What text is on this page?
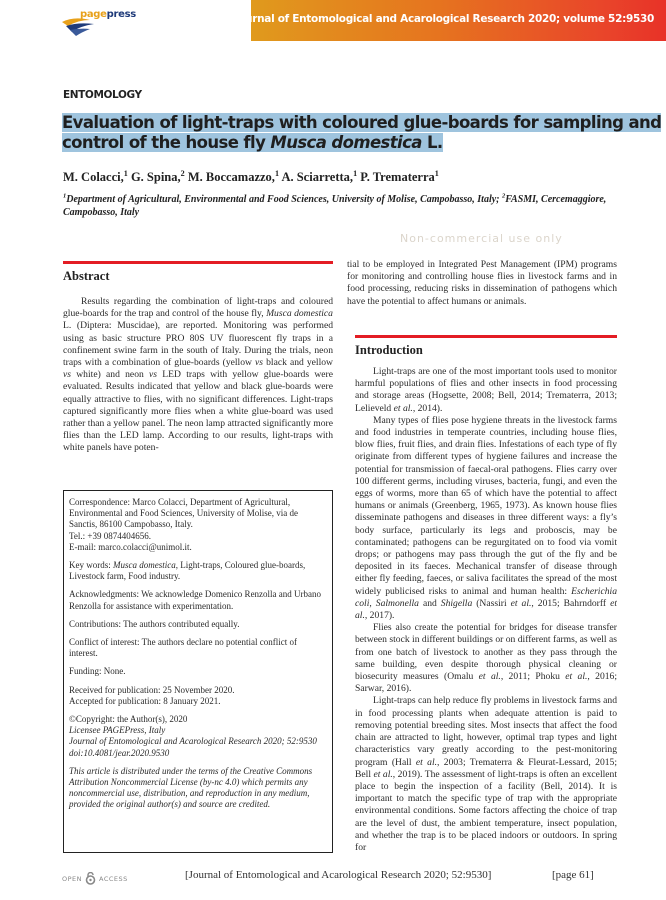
pagepress	Journal of Entomological and Acarological Research 2020; volume 52:9530
ENTOMOLOGY
Evaluation of light-traps with coloured glue-boards for sampling and
control of the house fly Musca domestica L.
M. Colacci,$^1$ G. Spina,$^2$ M. Boccamazzo,$^1$ A. Sciarretta,$^1$ P. Trematerra$^1$
$^1$Department of Agricultural, Environmental and Food Sciences, University of Molise, Campobasso, Italy; $^2$FASMI, Cercemaggiore, Campobasso, Italy
Non-commercial use only
Abstract

Results regarding the combination of light-traps and coloured glue-boards for the trap and control of the house fly, Musca domestica L. (Diptera: Muscidae), are reported. Monitoring was performed using as basic structure PRO 80S UV fluorescent fly traps in a confinement swine farm in the south of Italy. During the trials, neon traps with a combination of glue-boards (yellow vs black and yellow vs white) and neon vs LED traps with yellow glue-boards were evaluated. Results indicated that yellow and black glue-boards were equally attractive to flies, with no significant differences. Light-traps captured significantly more flies when a white glue-board was used rather than a yellow panel. The neon lamp attracted significantly more flies than the LED lamp. According to our results, light-traps with white panels have poten-

Correspondence: Marco Colacci, Department of Agricultural, Environmental and Food Sciences, University of Molise, via de Sanctis, 86100 Campobasso, Italy.
Tel.: +39 0874404656.
E-mail: marco.colacci@unimol.it.

Key words: Musca domestica, Light-traps, Coloured glue-boards, Livestock farm, Food industry.

Acknowledgments: We acknowledge Domenico Renzolla and Urbano Renzolla for assistance with experimentation.

Contributions: The authors contributed equally.

Conflict of interest: The authors declare no potential conflict of interest.

Funding: None.

Received for publication: 25 November 2020.
Accepted for publication: 8 January 2021.

©Copyright: the Author(s), 2020
Licensee PAGEPress, Italy
Journal of Entomological and Acarological Research 2020; 52:9530
doi:10.4081/jear.2020.9530

This article is distributed under the terms of the Creative Commons Attribution Noncommercial License (by-nc 4.0) which permits any noncommercial use, distribution, and reproduction in any medium, provided the original author(s) and source are credited.

tial to be employed in Integrated Pest Management (IPM) programs for monitoring and controlling house flies in livestock farms and in food processing, reducing risks in dissemination of pathogens which have the potential to affect humans or animals.

Introduction

Light-traps are one of the most important tools used to monitor harmful populations of flies and other insects in food processing and storage areas (Hogsette, 2008; Bell, 2014; Trematerra, 2013; Lelieveld et al., 2014).

Many types of flies pose hygiene threats in the livestock farms and food industries in temperate countries, including house flies, blow flies, fruit flies, and drain flies. Infestations of each type of fly originate from different types of hygiene failures and increase the potential for transmission of faecal-oral pathogens. Flies carry over 100 different germs, including viruses, bacteria, fungi, and even the eggs of worms, more than 65 of which have the potential to affect humans or animals (Greenberg, 1965, 1973). As known house flies disseminate pathogens and diseases in three different ways: a fly’s body surface, particularly its legs and proboscis, may be contaminated; pathogens can be regurgitated on to food via vomit drops; or pathogens may pass through the gut of the fly and be deposited in its faeces. Mechanical transfer of disease through either fly feeding, faeces, or saliva facilitates the spread of the most widely publicised risks to animal and human health: Escherichia coli, Salmonella and Shigella (Nassiri et al., 2015; Bahrndorff et al., 2017).

Flies also create the potential for bridges for disease transfer between stock in different buildings or on different farms, as well as from one batch of livestock to another as they pass through the same building, even despite thorough physical cleaning or biosecurity measures (Omalu et al., 2011; Phoku et al., 2016; Sarwar, 2016).

Light-traps can help reduce fly problems in livestock farms and in food processing plants when adequate attention is paid to removing potential breeding sites. Most insects that affect the food chain are attracted to light, however, optimal trap types and light characteristics vary greatly according to the pest-monitoring program (Hall et al., 2003; Trematerra & Fleurat-Lessard, 2015; Bell et al., 2019). The assessment of light-traps is often an excellent place to begin the inspection of a facility (Bell, 2014). It is important to match the specific type of trap with the appropriate environmental conditions. Some factors affecting the choice of trap are the level of dust, the ambient temperature, insect population, and whether the trap is to be placed indoors or outdoors. In spring for

OPEN	ACCESS	[Journal of Entomological and Acarological Research 2020; 52:9530]	[page 61]
